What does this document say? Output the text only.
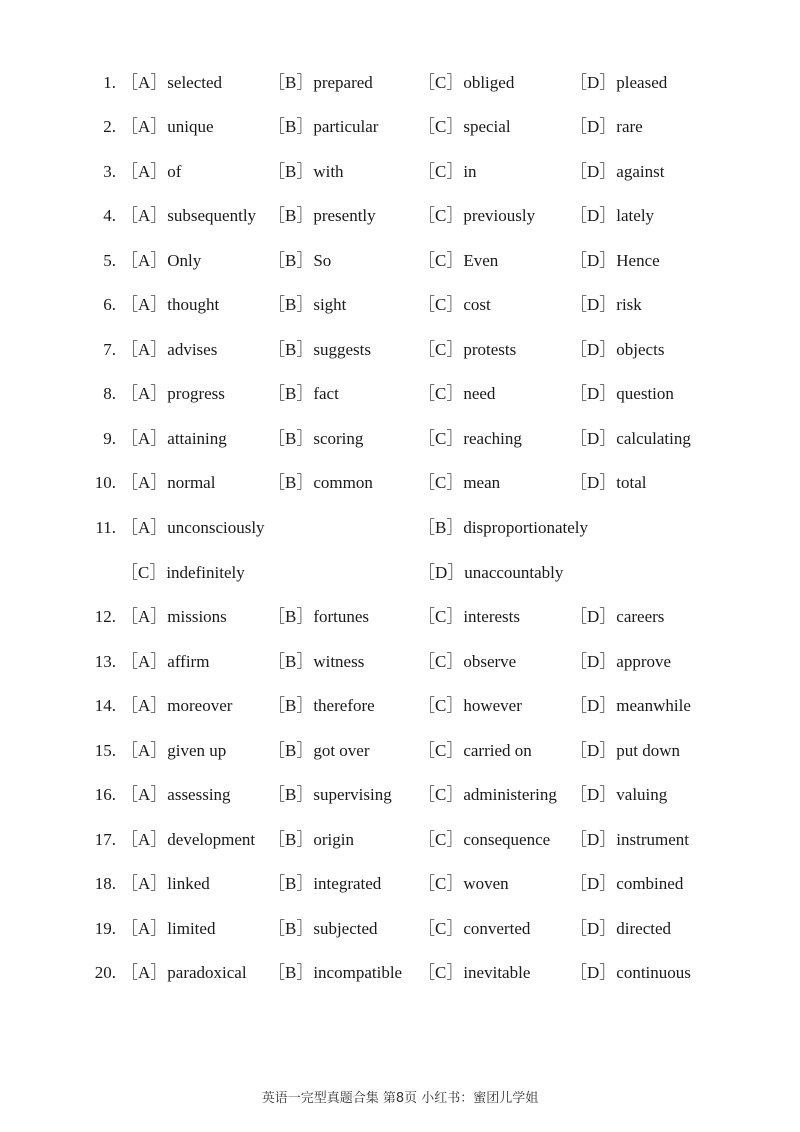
1. ［A］selected	［B］prepared	［C］obliged	［D］pleased
2. ［A］unique	［B］particular ［C］special	［D］rare
3. ［A］of	［B］with	［C］in	［D］against
4. ［A］subsequently ［B］presently ［C］previously ［D］lately
5. ［A］Only	［B］So	［C］Even	［D］Hence
6. ［A］thought	［B］sight	［C］cost	［D］risk
7. ［A］advises	［B］suggests	［C］protests	［D］objects
8. ［A］progress	［B］fact	［C］need	［D］question
9. ［A］attaining ［B］scoring	［C］reaching	［D］calculating
10. ［A］normal	［B］common	［C］mean	［D］total
11. ［A］unconsciously	［B］disproportionately
［C］indefinitely	［D］unaccountably
12. ［A］missions ［B］fortunes	［C］interests	［D］careers
13. ［A］affirm	［B］witness	［C］observe	［D］approve
14. ［A］moreover ［B］therefore	［C］however	［D］meanwhile
15. ［A］given up ［B］got over	［C］carried on ［D］put down
16. ［A］assessing ［B］supervising ［C］administering ［D］valuing
17. ［A］development ［B］origin	［C］consequence ［D］instrument
18. ［A］linked	［B］integrated ［C］woven	［D］combined
19. ［A］limited	［B］subjected ［C］converted ［D］directed
20. ［A］paradoxical ［B］incompatible ［C］inevitable ［D］continuous
英语一完型真题合集 第8页 小红书：蜜团儿学姐
